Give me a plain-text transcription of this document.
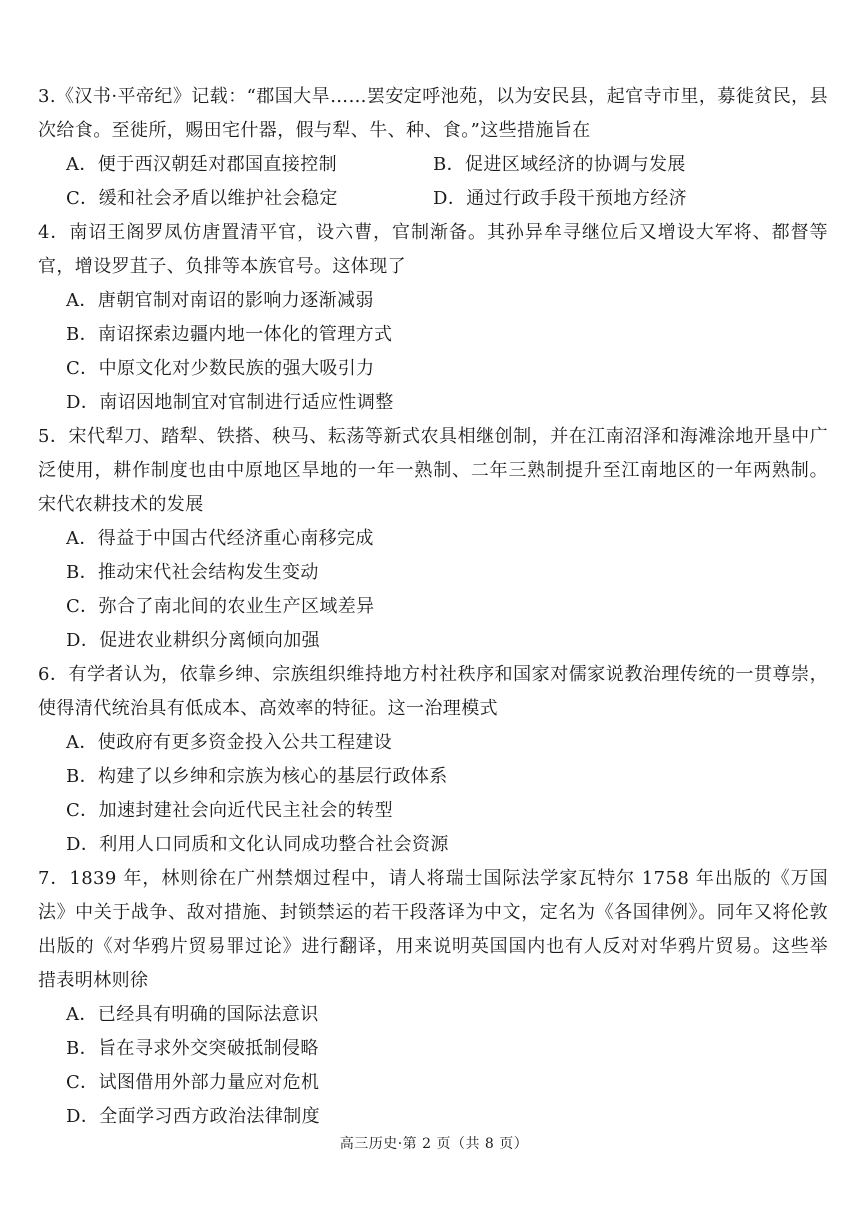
3.《汉书·平帝纪》记载：“郡国大旱……罢安定呼池苑，以为安民县，起官寺市里，募徙贫民，县次给食。至徙所，赐田宅什器，假与犁、牛、种、食。”这些措施旨在

A．便于西汉朝廷对郡国直接控制	B．促进区域经济的协调与发展
C．缓和社会矛盾以维护社会稳定	D．通过行政手段干预地方经济

4．南诏王阁罗凤仿唐置清平官，设六曹，官制渐备。其孙异牟寻继位后又增设大军将、都督等官，增设罗苴子、负排等本族官号。这体现了

A．唐朝官制对南诏的影响力逐渐减弱
B．南诏探索边疆内地一体化的管理方式
C．中原文化对少数民族的强大吸引力
D．南诏因地制宜对官制进行适应性调整

5．宋代犁刀、踏犁、铁搭、秧马、耘荡等新式农具相继创制，并在江南沼泽和海滩涂地开垦中广泛使用，耕作制度也由中原地区旱地的一年一熟制、二年三熟制提升至江南地区的一年两熟制。宋代农耕技术的发展

A．得益于中国古代经济重心南移完成
B．推动宋代社会结构发生变动
C．弥合了南北间的农业生产区域差异
D．促进农业耕织分离倾向加强

6．有学者认为，依靠乡绅、宗族组织维持地方村社秩序和国家对儒家说教治理传统的一贯尊崇，使得清代统治具有低成本、高效率的特征。这一治理模式

A．使政府有更多资金投入公共工程建设
B．构建了以乡绅和宗族为核心的基层行政体系
C．加速封建社会向近代民主社会的转型
D．利用人口同质和文化认同成功整合社会资源

7．1839 年，林则徐在广州禁烟过程中，请人将瑞士国际法学家瓦特尔 1758 年出版的《万国法》中关于战争、敌对措施、封锁禁运的若干段落译为中文，定名为《各国律例》。同年又将伦敦出版的《对华鸦片贸易罪过论》进行翻译，用来说明英国国内也有人反对对华鸦片贸易。这些举措表明林则徐

A．已经具有明确的国际法意识
B．旨在寻求外交突破抵制侵略
C．试图借用外部力量应对危机
D．全面学习西方政治法律制度
高三历史·第 2 页（共 8 页）
